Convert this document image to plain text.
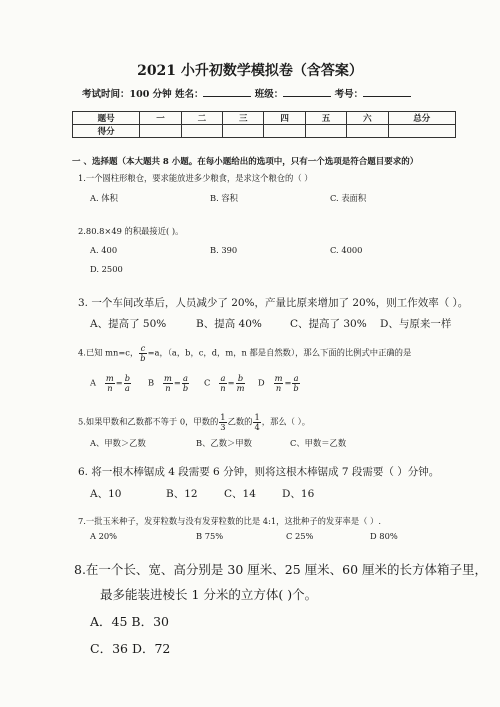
2021 小升初数学模拟卷（含答案）
考试时间：100 分钟 姓名：	班级：	考号：
题号	一	二	三	四	五	六	总分
得分							
一 、选择题（本大题共 8 小题。在每小题给出的选项中，只有一个选项是符合题目要求的）
1.一个圆柱形粮仓，要求能放进多少粮食，是求这个粮仓的（ ）
A. 体积	B. 容积	C. 表面积
2.80.8×49 的积最接近( )。
A. 400	B. 390	C. 4000
D. 2500
3. 一个车间改革后，人员减少了 20%，产量比原来增加了 20%，则工作效率（ ）。
A、提高了 50%	B、提高 40%	C、提高了 30% D、与原来一样
4.已知 mn=c， $\frac{c}{b} =a$，（a，b，c，d，m，n 都是自然数），那么下面的比例式中正确的是
A $\frac{m}{n} = \frac{b}{a}$ B $\frac{m}{n} = \frac{a}{b}$ C $\frac{a}{n} = \frac{b}{m}$ D $\frac{m}{n} = \frac{a}{b}$
5.如果甲数和乙数都不等于 0，甲数的 $\frac{1}{3}$ 乙数的 $\frac{1}{4}$ ，那么（ ）。
A、甲数＞乙数	B、乙数＞甲数	C、甲数＝乙数
6. 将一根木棒锯成 4 段需要 6 分钟，则将这根木棒锯成 7 段需要（ ）分钟。
A、10	B、12	C、14 D、16
7.一批玉米种子，发芽粒数与没有发芽粒数的比是 4:1，这批种子的发芽率是（ ）.
A 20%	B 75%	C 25%	D 80%
8.在一个长、宽、高分别是 30 厘米、25 厘米、60 厘米的长方体箱子里，
最多能装进棱长 1 分米的立方体( )个。
A．45 B．30
C．36 D．72
